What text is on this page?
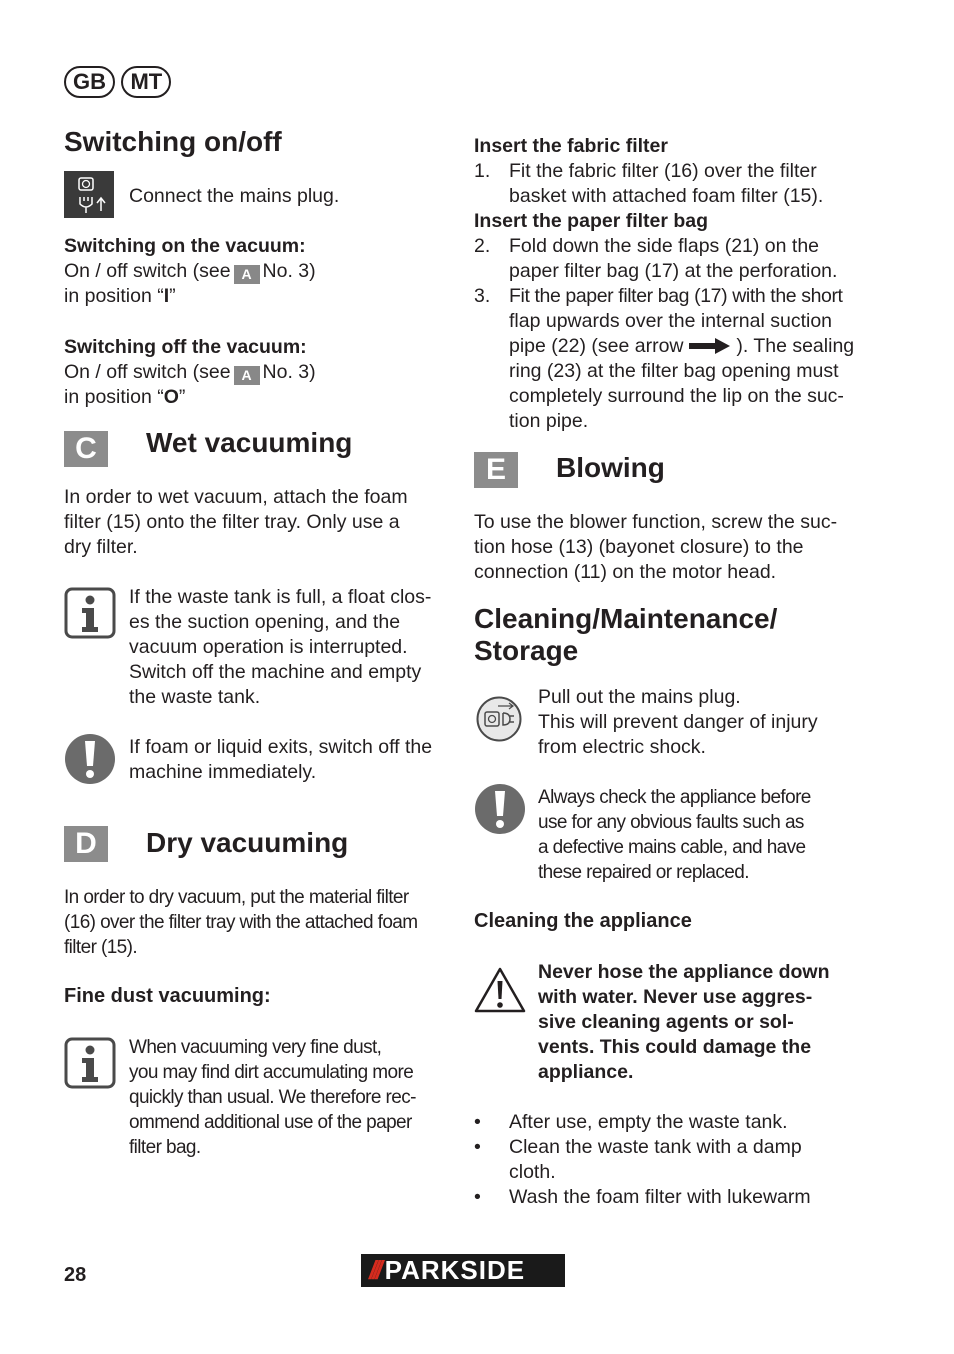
GB MT
Switching on/off
Connect the mains plug.
Switching on the vacuum:
On / off switch (see A No. 3)
in position “I”
Switching off the vacuum:
On / off switch (see A No. 3)
in position “O”
C	Wet vacuuming
In order to wet vacuum, attach the foam
filter (15) onto the filter tray. Only use a
dry filter.
If the waste tank is full, a float clos-
es the suction opening, and the
vacuum operation is interrupted.
Switch off the machine and empty
the waste tank.
If foam or liquid exits, switch off the
machine immediately.
D	Dry vacuuming
In order to dry vacuum, put the material filter
(16) over the filter tray with the attached foam
filter (15).
Fine dust vacuuming:
When vacuuming very fine dust,
you may find dirt accumulating more
quickly than usual. We therefore rec-
ommend additional use of the paper
filter bag.
Insert the fabric filter
1. Fit the fabric filter (16) over the filter
basket with attached foam filter (15).
Insert the paper filter bag
2. Fold down the side flaps (21) on the
paper filter bag (17) at the perforation.
3. Fit the paper filter bag (17) with the short
flap upwards over the internal suction
pipe (22) (see arrow	). The sealing
ring (23) at the filter bag opening must
completely surround the lip on the suc-
tion pipe.
E	Blowing
To use the blower function, screw the suc-
tion hose (13) (bayonet closure) to the
connection (11) on the motor head.
Cleaning/Maintenance/
Storage
Pull out the mains plug.
This will prevent danger of injury
from electric shock.
Always check the appliance before
use for any obvious faults such as
a defective mains cable, and have
these repaired or replaced.
Cleaning the appliance
Never hose the appliance down
with water. Never use aggres-
sive cleaning agents or sol-
vents. This could damage the
appliance.
•	After use, empty the waste tank.
•	Clean the waste tank with a damp
cloth.
•	Wash the foam filter with lukewarm
28	/// PARKSIDE
